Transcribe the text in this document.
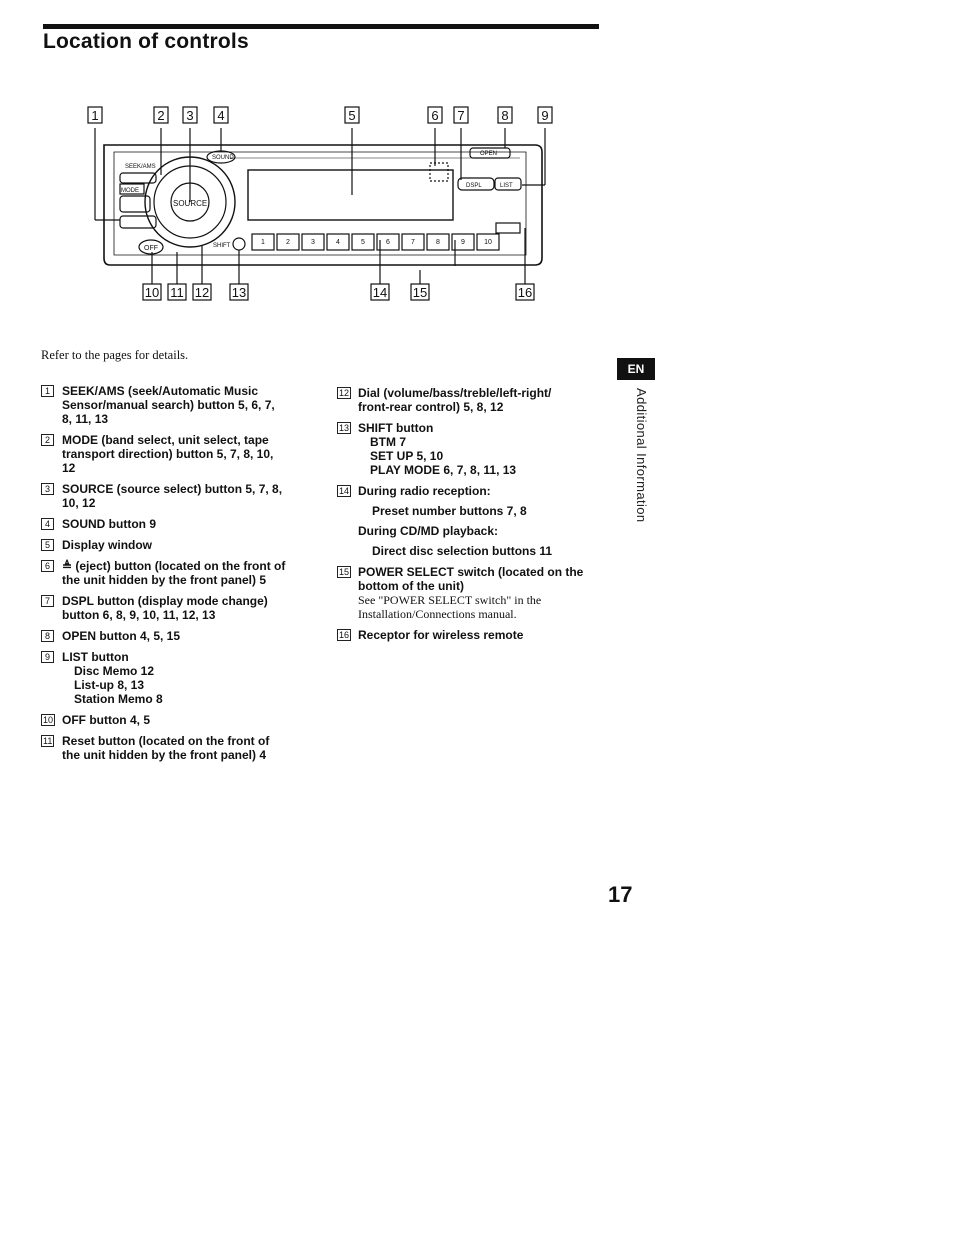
Location of controls
1	2 3 4	5	6 7	8	9
1	2	3	4	5	6	7	8	9	10
10 11 12 13	14 15	16
SEEK/AMS
MODE
SOURCE
SOUND
OPEN
DSPL	LIST
OFF	SHIFT
Refer to the pages for details.
1	SEEK/AMS (seek/Automatic Music
Sensor/manual search) button 5, 6, 7,
8, 11, 13
2	MODE (band select, unit select, tape
transport direction) button 5, 7, 8, 10,
12
3	SOURCE (source select) button 5, 7, 8,
10, 12
4	SOUND button 9
5	Display window
6	≜ (eject) button (located on the front of
the unit hidden by the front panel) 5
7	DSPL button (display mode change)
button 6, 8, 9, 10, 11, 12, 13
8	OPEN button 4, 5, 15
9	LIST button
Disc Memo 12
List-up 8, 13
Station Memo 8
10 OFF button 4, 5
11 Reset button (located on the front of
the unit hidden by the front panel) 4
12 Dial (volume/bass/treble/left-right/
front-rear control) 5, 8, 12
13 SHIFT button
BTM 7
SET UP 5, 10
PLAY MODE 6, 7, 8, 11, 13
14 During radio reception:
Preset number buttons 7, 8
During CD/MD playback:
Direct disc selection buttons 11
15 POWER SELECT switch (located on the
bottom of the unit)
See "POWER SELECT switch" in the
Installation/Connections manual.
16 Receptor for wireless remote
EN
Additional Information
17
